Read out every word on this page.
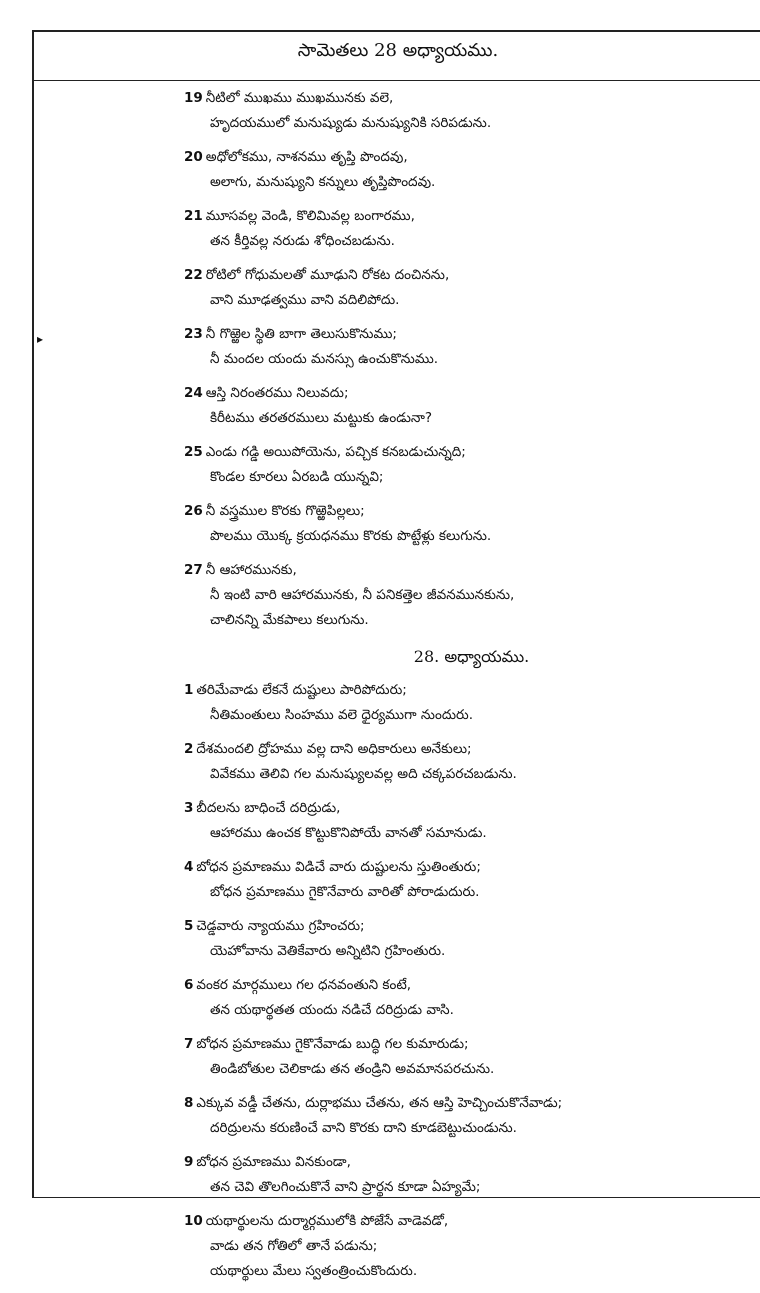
సామెతలు 28 అధ్యాయము.
▸
19 నీటిలో ముఖము ముఖమునకు వలె,
హృదయములో మనుష్యుడు మనుష్యునికి సరిపడును.
20 అధోలోకము, నాశనము తృప్తి పొందవు,
అలాగు, మనుష్యుని కన్నులు తృప్తిపొందవు.
21 మూసవల్ల వెండి, కొలిమివల్ల బంగారము,
తన కీర్తివల్ల నరుడు శోధించబడును.
22 రోటిలో గోధుమలతో మూఢుని రోకట దంచినను,
వాని మూఢత్వము వాని వదిలిపోదు.
23 నీ గొఱ్ఱెల స్థితి బాగా తెలుసుకొనుము;
నీ మందల యందు మనస్సు ఉంచుకొనుము.
24 ఆస్తి నిరంతరము నిలువదు;
కిరీటము తరతరములు మట్టుకు ఉండునా?
25 ఎండు గడ్డి అయిపోయెను, పచ్చిక కనబడుచున్నది;
కొండల కూరలు ఏరబడి యున్నవి;
26 నీ వస్త్రముల కొరకు గొఱ్ఱెపిల్లలు;
పొలము యొక్క క్రయధనము కొరకు పొట్టేళ్లు కలుగును.
27 నీ ఆహారమునకు,
నీ ఇంటి వారి ఆహారమునకు, నీ పనికత్తెల జీవనమునకును,
చాలినన్ని మేకపాలు కలుగును.
28. అధ్యాయము.
1 తరిమేవాడు లేకనే దుష్టులు పారిపోదురు;
నీతిమంతులు సింహము వలె ధైర్యముగా నుందురు.
2 దేశమందలి ద్రోహము వల్ల దాని అధికారులు అనేకులు;
వివేకము తెలివి గల మనుష్యులవల్ల అది చక్కపరచబడును.
3 బీదలను బాధించే దరిద్రుడు,
ఆహారము ఉంచక కొట్టుకొనిపోయే వానతో సమానుడు.
4 బోధన ప్రమాణము విడిచే వారు దుష్టులను స్తుతింతురు;
బోధన ప్రమాణము గైకొనేవారు వారితో పోరాడుదురు.
5 చెడ్డవారు న్యాయము గ్రహించరు;
యెహోవాను వెతికేవారు అన్నిటిని గ్రహింతురు.
6 వంకర మార్గములు గల ధనవంతుని కంటే,
తన యథార్థతత యందు నడిచే దరిద్రుడు వాసి.
7 బోధన ప్రమాణము గైకొనేవాడు బుద్ధి గల కుమారుడు;
తిండిబోతుల చెలికాడు తన తండ్రిని అవమానపరచును.
8 ఎక్కువ వడ్డీ చేతను, దుర్లాభము చేతను, తన ఆస్తి హెచ్చించుకొనేవాడు;
దరిద్రులను కరుణించే వాని కొరకు దాని కూడబెట్టుచుండును.
9 బోధన ప్రమాణము వినకుండా,
తన చెవి తొలగించుకొనే వాని ప్రార్థన కూడా ఏహ్యమే;
10 యథార్థులను దుర్మార్గములోకి పోజేసే వాడెవడో,
వాడు తన గోతిలో తానే పడును;
యథార్థులు మేలు స్వతంత్రించుకొందురు.
